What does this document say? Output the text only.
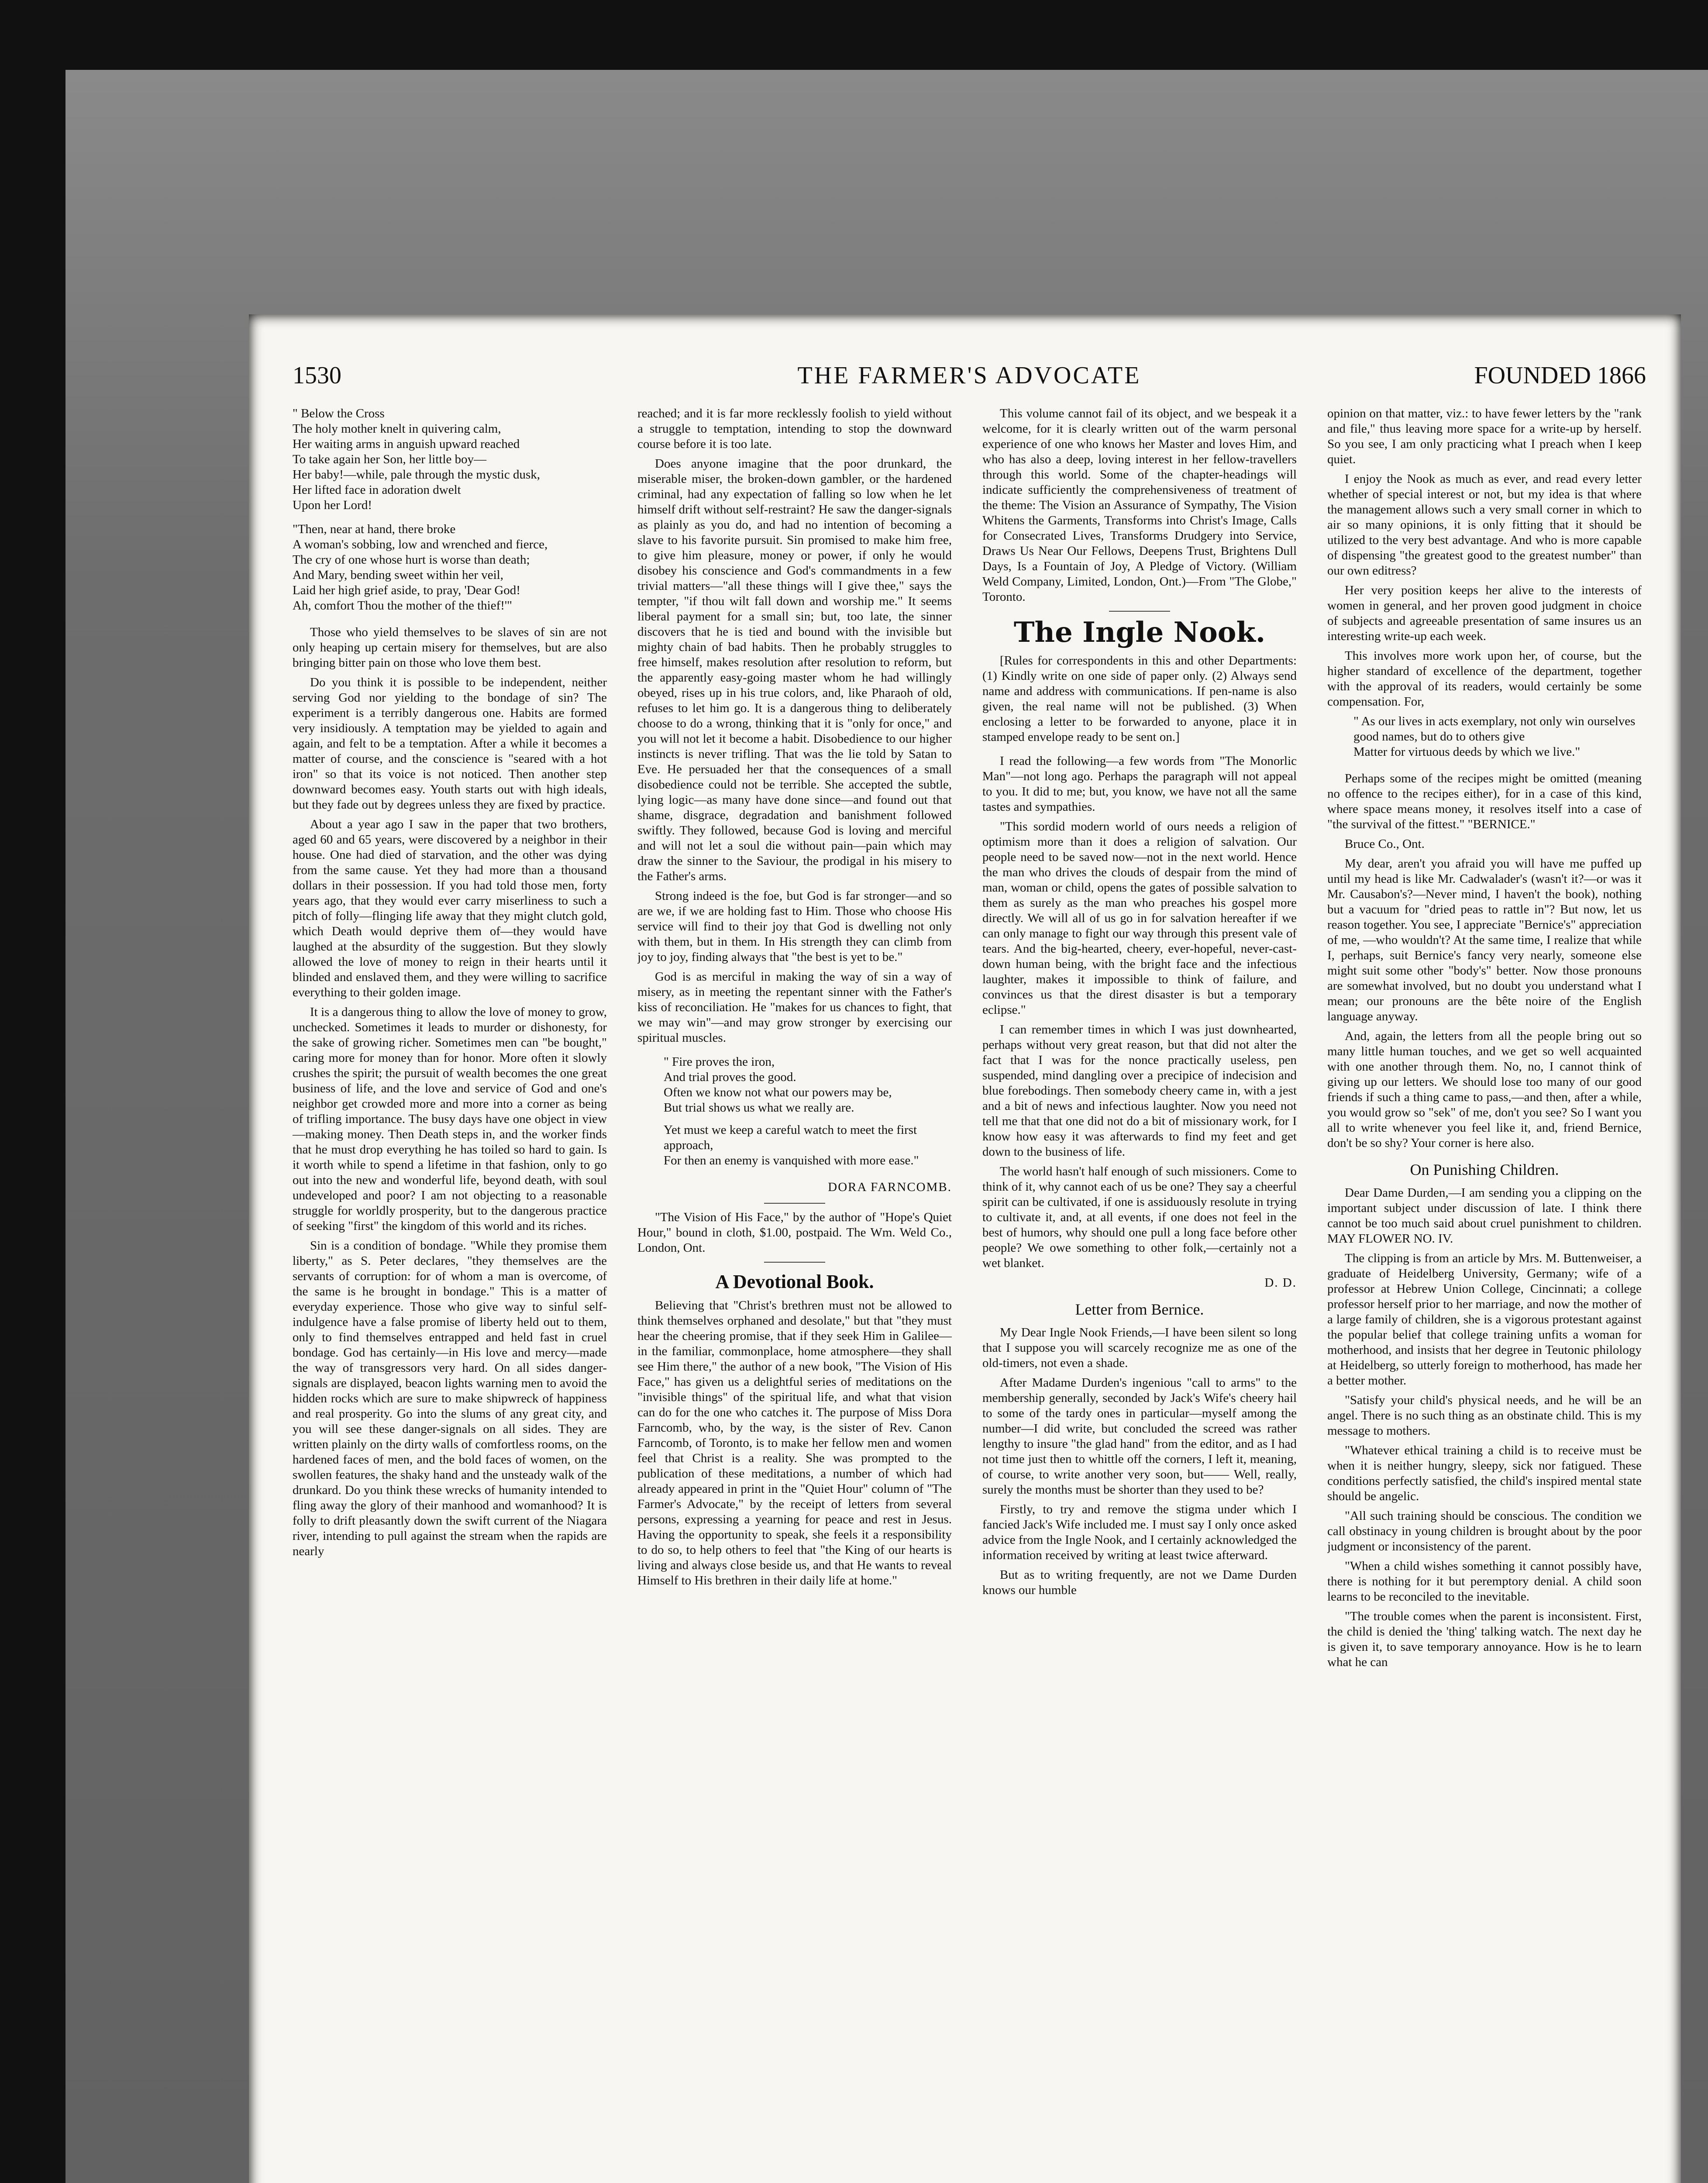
1530	THE FARMER'S ADVOCATE	FOUNDED 1866

" Below the Cross

The holy mother knelt in quivering calm,

Her waiting arms in anguish upward reached

To take again her Son, her little boy—

Her baby!—while, pale through the mystic dusk,

Her lifted face in adoration dwelt

Upon her Lord!

"Then, near at hand, there broke

A woman's sobbing, low and wrenched and fierce,

The cry of one whose hurt is worse than death;

And Mary, bending sweet within her veil,

Laid her high grief aside, to pray, 'Dear God!

Ah, comfort Thou the mother of the thief!'"

Those who yield themselves to be slaves of sin are not only heaping up certain misery for themselves, but are also bringing bitter pain on those who love them best.

Do you think it is possible to be independent, neither serving God nor yielding to the bondage of sin? The experiment is a terribly dangerous one. Habits are formed very insidiously. A temptation may be yielded to again and again, and felt to be a temptation. After a while it becomes a matter of course, and the conscience is "seared with a hot iron" so that its voice is not noticed. Then another step downward becomes easy. Youth starts out with high ideals, but they fade out by degrees unless they are fixed by practice.

About a year ago I saw in the paper that two brothers, aged 60 and 65 years, were discovered by a neighbor in their house. One had died of starvation, and the other was dying from the same cause. Yet they had more than a thousand dollars in their possession. If you had told those men, forty years ago, that they would ever carry miserliness to such a pitch of folly—flinging life away that they might clutch gold, which Death would deprive them of—they would have laughed at the absurdity of the suggestion. But they slowly allowed the love of money to reign in their hearts until it blinded and enslaved them, and they were willing to sacrifice everything to their golden image.

It is a dangerous thing to allow the love of money to grow, unchecked. Sometimes it leads to murder or dishonesty, for the sake of growing richer. Sometimes men can "be bought," caring more for money than for honor. More often it slowly crushes the spirit; the pursuit of wealth becomes the one great business of life, and the love and service of God and one's neighbor get crowded more and more into a corner as being of trifling importance. The busy days have one object in view—making money. Then Death steps in, and the worker finds that he must drop everything he has toiled so hard to gain. Is it worth while to spend a lifetime in that fashion, only to go out into the new and wonderful life, beyond death, with soul undeveloped and poor? I am not objecting to a reasonable struggle for worldly prosperity, but to the dangerous practice of seeking "first" the kingdom of this world and its riches.

Sin is a condition of bondage. "While they promise them liberty," as S. Peter declares, "they themselves are the servants of corruption: for of whom a man is overcome, of the same is he brought in bondage." This is a matter of everyday experience. Those who give way to sinful self-indulgence have a false promise of liberty held out to them, only to find themselves entrapped and held fast in cruel bondage. God has certainly—in His love and mercy—made the way of transgressors very hard. On all sides danger-signals are displayed, beacon lights warning men to avoid the hidden rocks which are sure to make shipwreck of happiness and real prosperity. Go into the slums of any great city, and you will see these danger-signals on all sides. They are written plainly on the dirty walls of comfortless rooms, on the hardened faces of men, and the bold faces of women, on the swollen features, the shaky hand and the unsteady walk of the drunkard. Do you think these wrecks of humanity intended to fling away the glory of their manhood and womanhood? It is folly to drift pleasantly down the swift current of the Niagara river, intending to pull against the stream when the rapids are nearly

reached; and it is far more recklessly foolish to yield without a struggle to temptation, intending to stop the downward course before it is too late.

Does anyone imagine that the poor drunkard, the miserable miser, the broken-down gambler, or the hardened criminal, had any expectation of falling so low when he let himself drift without self-restraint? He saw the danger-signals as plainly as you do, and had no intention of becoming a slave to his favorite pursuit. Sin promised to make him free, to give him pleasure, money or power, if only he would disobey his conscience and God's commandments in a few trivial matters—"all these things will I give thee," says the tempter, "if thou wilt fall down and worship me." It seems liberal payment for a small sin; but, too late, the sinner discovers that he is tied and bound with the invisible but mighty chain of bad habits. Then he probably struggles to free himself, makes resolution after resolution to reform, but the apparently easy-going master whom he had willingly obeyed, rises up in his true colors, and, like Pharaoh of old, refuses to let him go. It is a dangerous thing to deliberately choose to do a wrong, thinking that it is "only for once," and you will not let it become a habit. Disobedience to our higher instincts is never trifling. That was the lie told by Satan to Eve. He persuaded her that the consequences of a small disobedience could not be terrible. She accepted the subtle, lying logic—as many have done since—and found out that shame, disgrace, degradation and banishment followed swiftly. They followed, because God is loving and merciful and will not let a soul die without pain—pain which may draw the sinner to the Saviour, the prodigal in his misery to the Father's arms.

Strong indeed is the foe, but God is far stronger—and so are we, if we are holding fast to Him. Those who choose His service will find to their joy that God is dwelling not only with them, but in them. In His strength they can climb from joy to joy, finding always that "the best is yet to be."

God is as merciful in making the way of sin a way of misery, as in meeting the repentant sinner with the Father's kiss of reconciliation. He "makes for us chances to fight, that we may win"—and may grow stronger by exercising our spiritual muscles.

" Fire proves the iron,

And trial proves the good.

Often we know not what our powers may be,

But trial shows us what we really are.

Yet must we keep a careful watch to meet the first approach,

For then an enemy is vanquished with more ease."

DORA FARNCOMB.

"The Vision of His Face," by the author of "Hope's Quiet Hour," bound in cloth, $1.00, postpaid. The Wm. Weld Co., London, Ont.

A Devotional Book.

Believing that "Christ's brethren must not be allowed to think themselves orphaned and desolate," but that "they must hear the cheering promise, that if they seek Him in Galilee—in the familiar, commonplace, home atmosphere—they shall see Him there," the author of a new book, "The Vision of His Face," has given us a delightful series of meditations on the "invisible things" of the spiritual life, and what that vision can do for the one who catches it. The purpose of Miss Dora Farncomb, who, by the way, is the sister of Rev. Canon Farncomb, of Toronto, is to make her fellow men and women feel that Christ is a reality. She was prompted to the publication of these meditations, a number of which had already appeared in print in the "Quiet Hour" column of "The Farmer's Advocate," by the receipt of letters from several persons, expressing a yearning for peace and rest in Jesus. Having the opportunity to speak, she feels it a responsibility to do so, to help others to feel that "the King of our hearts is living and always close beside us, and that He wants to reveal Himself to His brethren in their daily life at home."

This volume cannot fail of its object, and we bespeak it a welcome, for it is clearly written out of the warm personal experience of one who knows her Master and loves Him, and who has also a deep, loving interest in her fellow-travellers through this world. Some of the chapter-headings will indicate sufficiently the comprehensiveness of treatment of the theme: The Vision an Assurance of Sympathy, The Vision Whitens the Garments, Transforms into Christ's Image, Calls for Consecrated Lives, Transforms Drudgery into Service, Draws Us Near Our Fellows, Deepens Trust, Brightens Dull Days, Is a Fountain of Joy, A Pledge of Victory. (William Weld Company, Limited, London, Ont.)—From "The Globe," Toronto.

The Ingle Nook.

[Rules for correspondents in this and other Departments: (1) Kindly write on one side of paper only. (2) Always send name and address with communications. If pen-name is also given, the real name will not be published. (3) When enclosing a letter to be forwarded to anyone, place it in stamped envelope ready to be sent on.]

I read the following—a few words from "The Monorlic Man"—not long ago. Perhaps the paragraph will not appeal to you. It did to me; but, you know, we have not all the same tastes and sympathies.

"This sordid modern world of ours needs a religion of optimism more than it does a religion of salvation. Our people need to be saved now—not in the next world. Hence the man who drives the clouds of despair from the mind of man, woman or child, opens the gates of possible salvation to them as surely as the man who preaches his gospel more directly. We will all of us go in for salvation hereafter if we can only manage to fight our way through this present vale of tears. And the big-hearted, cheery, ever-hopeful, never-cast-down human being, with the bright face and the infectious laughter, makes it impossible to think of failure, and convinces us that the direst disaster is but a temporary eclipse."

I can remember times in which I was just downhearted, perhaps without very great reason, but that did not alter the fact that I was for the nonce practically useless, pen suspended, mind dangling over a precipice of indecision and blue forebodings. Then somebody cheery came in, with a jest and a bit of news and infectious laughter. Now you need not tell me that that one did not do a bit of missionary work, for I know how easy it was afterwards to find my feet and get down to the business of life.

The world hasn't half enough of such missioners. Come to think of it, why cannot each of us be one? They say a cheerful spirit can be cultivated, if one is assiduously resolute in trying to cultivate it, and, at all events, if one does not feel in the best of humors, why should one pull a long face before other people? We owe something to other folk,—certainly not a wet blanket.

D. D.
Letter from Bernice.

My Dear Ingle Nook Friends,—I have been silent so long that I suppose you will scarcely recognize me as one of the old-timers, not even a shade.

After Madame Durden's ingenious "call to arms" to the membership generally, seconded by Jack's Wife's cheery hail to some of the tardy ones in particular—myself among the number—I did write, but concluded the screed was rather lengthy to insure "the glad hand" from the editor, and as I had not time just then to whittle off the corners, I left it, meaning, of course, to write another very soon, but—— Well, really, surely the months must be shorter than they used to be?

Firstly, to try and remove the stigma under which I fancied Jack's Wife included me. I must say I only once asked advice from the Ingle Nook, and I certainly acknowledged the information received by writing at least twice afterward.

But as to writing frequently, are not we Dame Durden knows our humble

opinion on that matter, viz.: to have fewer letters by the "rank and file," thus leaving more space for a write-up by herself. So you see, I am only practicing what I preach when I keep quiet.

I enjoy the Nook as much as ever, and read every letter whether of special interest or not, but my idea is that where the management allows such a very small corner in which to air so many opinions, it is only fitting that it should be utilized to the very best advantage. And who is more capable of dispensing "the greatest good to the greatest number" than our own editress?

Her very position keeps her alive to the interests of women in general, and her proven good judgment in choice of subjects and agreeable presentation of same insures us an interesting write-up each week.

This involves more work upon her, of course, but the higher standard of excellence of the department, together with the approval of its readers, would certainly be some compensation. For,

" As our lives in acts exemplary, not only win ourselves good names, but do to others give

Matter for virtuous deeds by which we live."

Perhaps some of the recipes might be omitted (meaning no offence to the recipes either), for in a case of this kind, where space means money, it resolves itself into a case of "the survival of the fittest." "BERNICE."

Bruce Co., Ont.

My dear, aren't you afraid you will have me puffed up until my head is like Mr. Cadwalader's (wasn't it?—or was it Mr. Causabon's?—Never mind, I haven't the book), nothing but a vacuum for "dried peas to rattle in"? But now, let us reason together. You see, I appreciate "Bernice's" appreciation of me, —who wouldn't? At the same time, I realize that while I, perhaps, suit Bernice's fancy very nearly, someone else might suit some other "body's" better. Now those pronouns are somewhat involved, but no doubt you understand what I mean; our pronouns are the bête noire of the English language anyway.

And, again, the letters from all the people bring out so many little human touches, and we get so well acquainted with one another through them. No, no, I cannot think of giving up our letters. We should lose too many of our good friends if such a thing came to pass,—and then, after a while, you would grow so "sek" of me, don't you see? So I want you all to write whenever you feel like it, and, friend Bernice, don't be so shy? Your corner is here also.

On Punishing Children.

Dear Dame Durden,—I am sending you a clipping on the important subject under discussion of late. I think there cannot be too much said about cruel punishment to children. MAY FLOWER NO. IV.

The clipping is from an article by Mrs. M. Buttenweiser, a graduate of Heidelberg University, Germany; wife of a professor at Hebrew Union College, Cincinnati; a college professor herself prior to her marriage, and now the mother of a large family of children, she is a vigorous protestant against the popular belief that college training unfits a woman for motherhood, and insists that her degree in Teutonic philology at Heidelberg, so utterly foreign to motherhood, has made her a better mother.

"Satisfy your child's physical needs, and he will be an angel. There is no such thing as an obstinate child. This is my message to mothers.

"Whatever ethical training a child is to receive must be when it is neither hungry, sleepy, sick nor fatigued. These conditions perfectly satisfied, the child's inspired mental state should be angelic.

"All such training should be conscious. The condition we call obstinacy in young children is brought about by the poor judgment or inconsistency of the parent.

"When a child wishes something it cannot possibly have, there is nothing for it but peremptory denial. A child soon learns to be reconciled to the inevitable.

"The trouble comes when the parent is inconsistent. First, the child is denied the 'thing' talking watch. The next day he is given it, to save temporary annoyance. How is he to learn what he can
